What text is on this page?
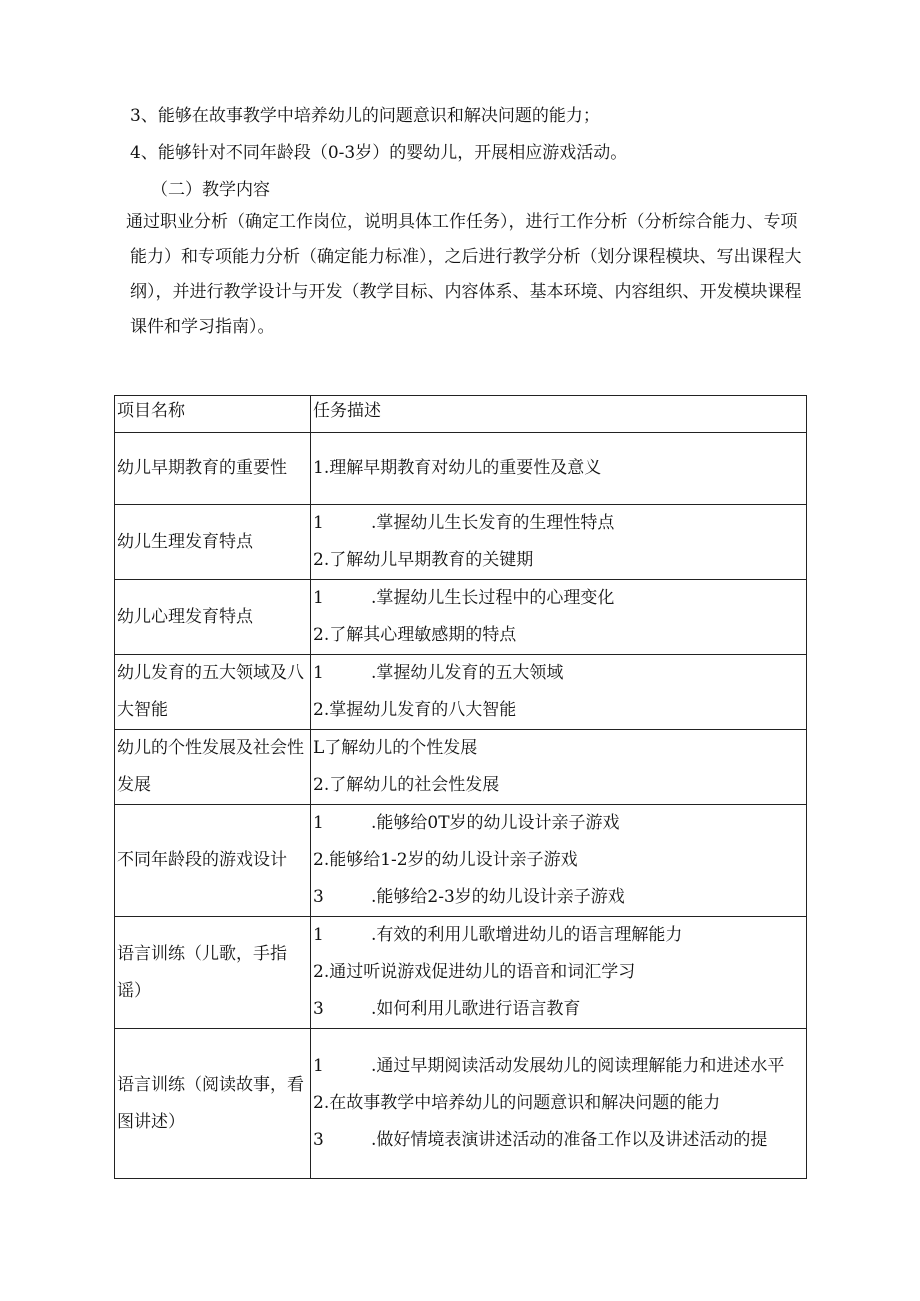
3、能够在故事教学中培养幼儿的问题意识和解决问题的能力；

4、能够针对不同年龄段（0-3岁）的婴幼儿，开展相应游戏活动。

（二）教学内容

通过职业分析（确定工作岗位，说明具体工作任务），进行工作分析（分析综合能力、专项能力）和专项能力分析（确定能力标准），之后进行教学分析（划分课程模块、写出课程大纲），并进行教学设计与开发（教学目标、内容体系、基本环境、内容组织、开发模块课程课件和学习指南）。

项目名称	任务描述
幼儿早期教育的重要性	1.理解早期教育对幼儿的重要性及意义

幼儿生理发育特点	1 .掌握幼儿生长发育的生理性特点
2.了解幼儿早期教育的关键期

幼儿心理发育特点	1 .掌握幼儿生长过程中的心理变化
2.了解其心理敏感期的特点

幼儿发育的五大领域及八大智能	1 .掌握幼儿发育的五大领域
2.掌握幼儿发育的八大智能

幼儿的个性发展及社会性发展	L了解幼儿的个性发展
2.了解幼儿的社会性发展

不同年龄段的游戏设计	1 .能够给0T岁的幼儿设计亲子游戏
2.能够给1-2岁的幼儿设计亲子游戏
3 .能够给2-3岁的幼儿设计亲子游戏

语言训练（儿歌，手指谣）	1 .有效的利用儿歌增进幼儿的语言理解能力
2.通过听说游戏促进幼儿的语音和词汇学习
3 .如何利用儿歌进行语言教育

语言训练（阅读故事，看图讲述）	1 .通过早期阅读活动发展幼儿的阅读理解能力和进述水平
2.在故事教学中培养幼儿的问题意识和解决问题的能力
3 .做好情境表演讲述活动的准备工作以及讲述活动的提
